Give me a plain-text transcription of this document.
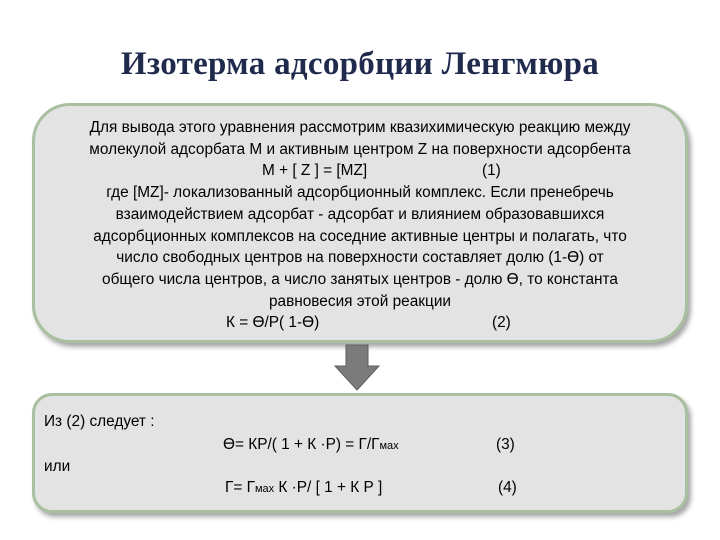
Изотерма адсорбции Ленгмюра
Для вывода этого уравнения рассмотрим квазихимическую реакцию между
молекулой адсорбата М и активным центром Z на поверхности адсорбента
M + [ Z ] = [MZ]	(1)
где [MZ]- локализованный адсорбционный комплекс. Если пренебречь
взаимодействием адсорбат - адсорбат и влиянием образовавшихся
адсорбционных комплексов на соседние активные центры и полагать, что
число свободных центров на поверхности составляет долю (1-Ө) от
общего числа центров, а число занятых центров - долю Ө, то константа
равновесия этой реакции
К = Ө/Р( 1-Ө)	(2)
Из (2) следует :
Ө= КР/( 1 + К ·Р) = Г/Гмах	(3)
или
Г= Гмах К ·Р/ [ 1 + К Р ]	(4)
